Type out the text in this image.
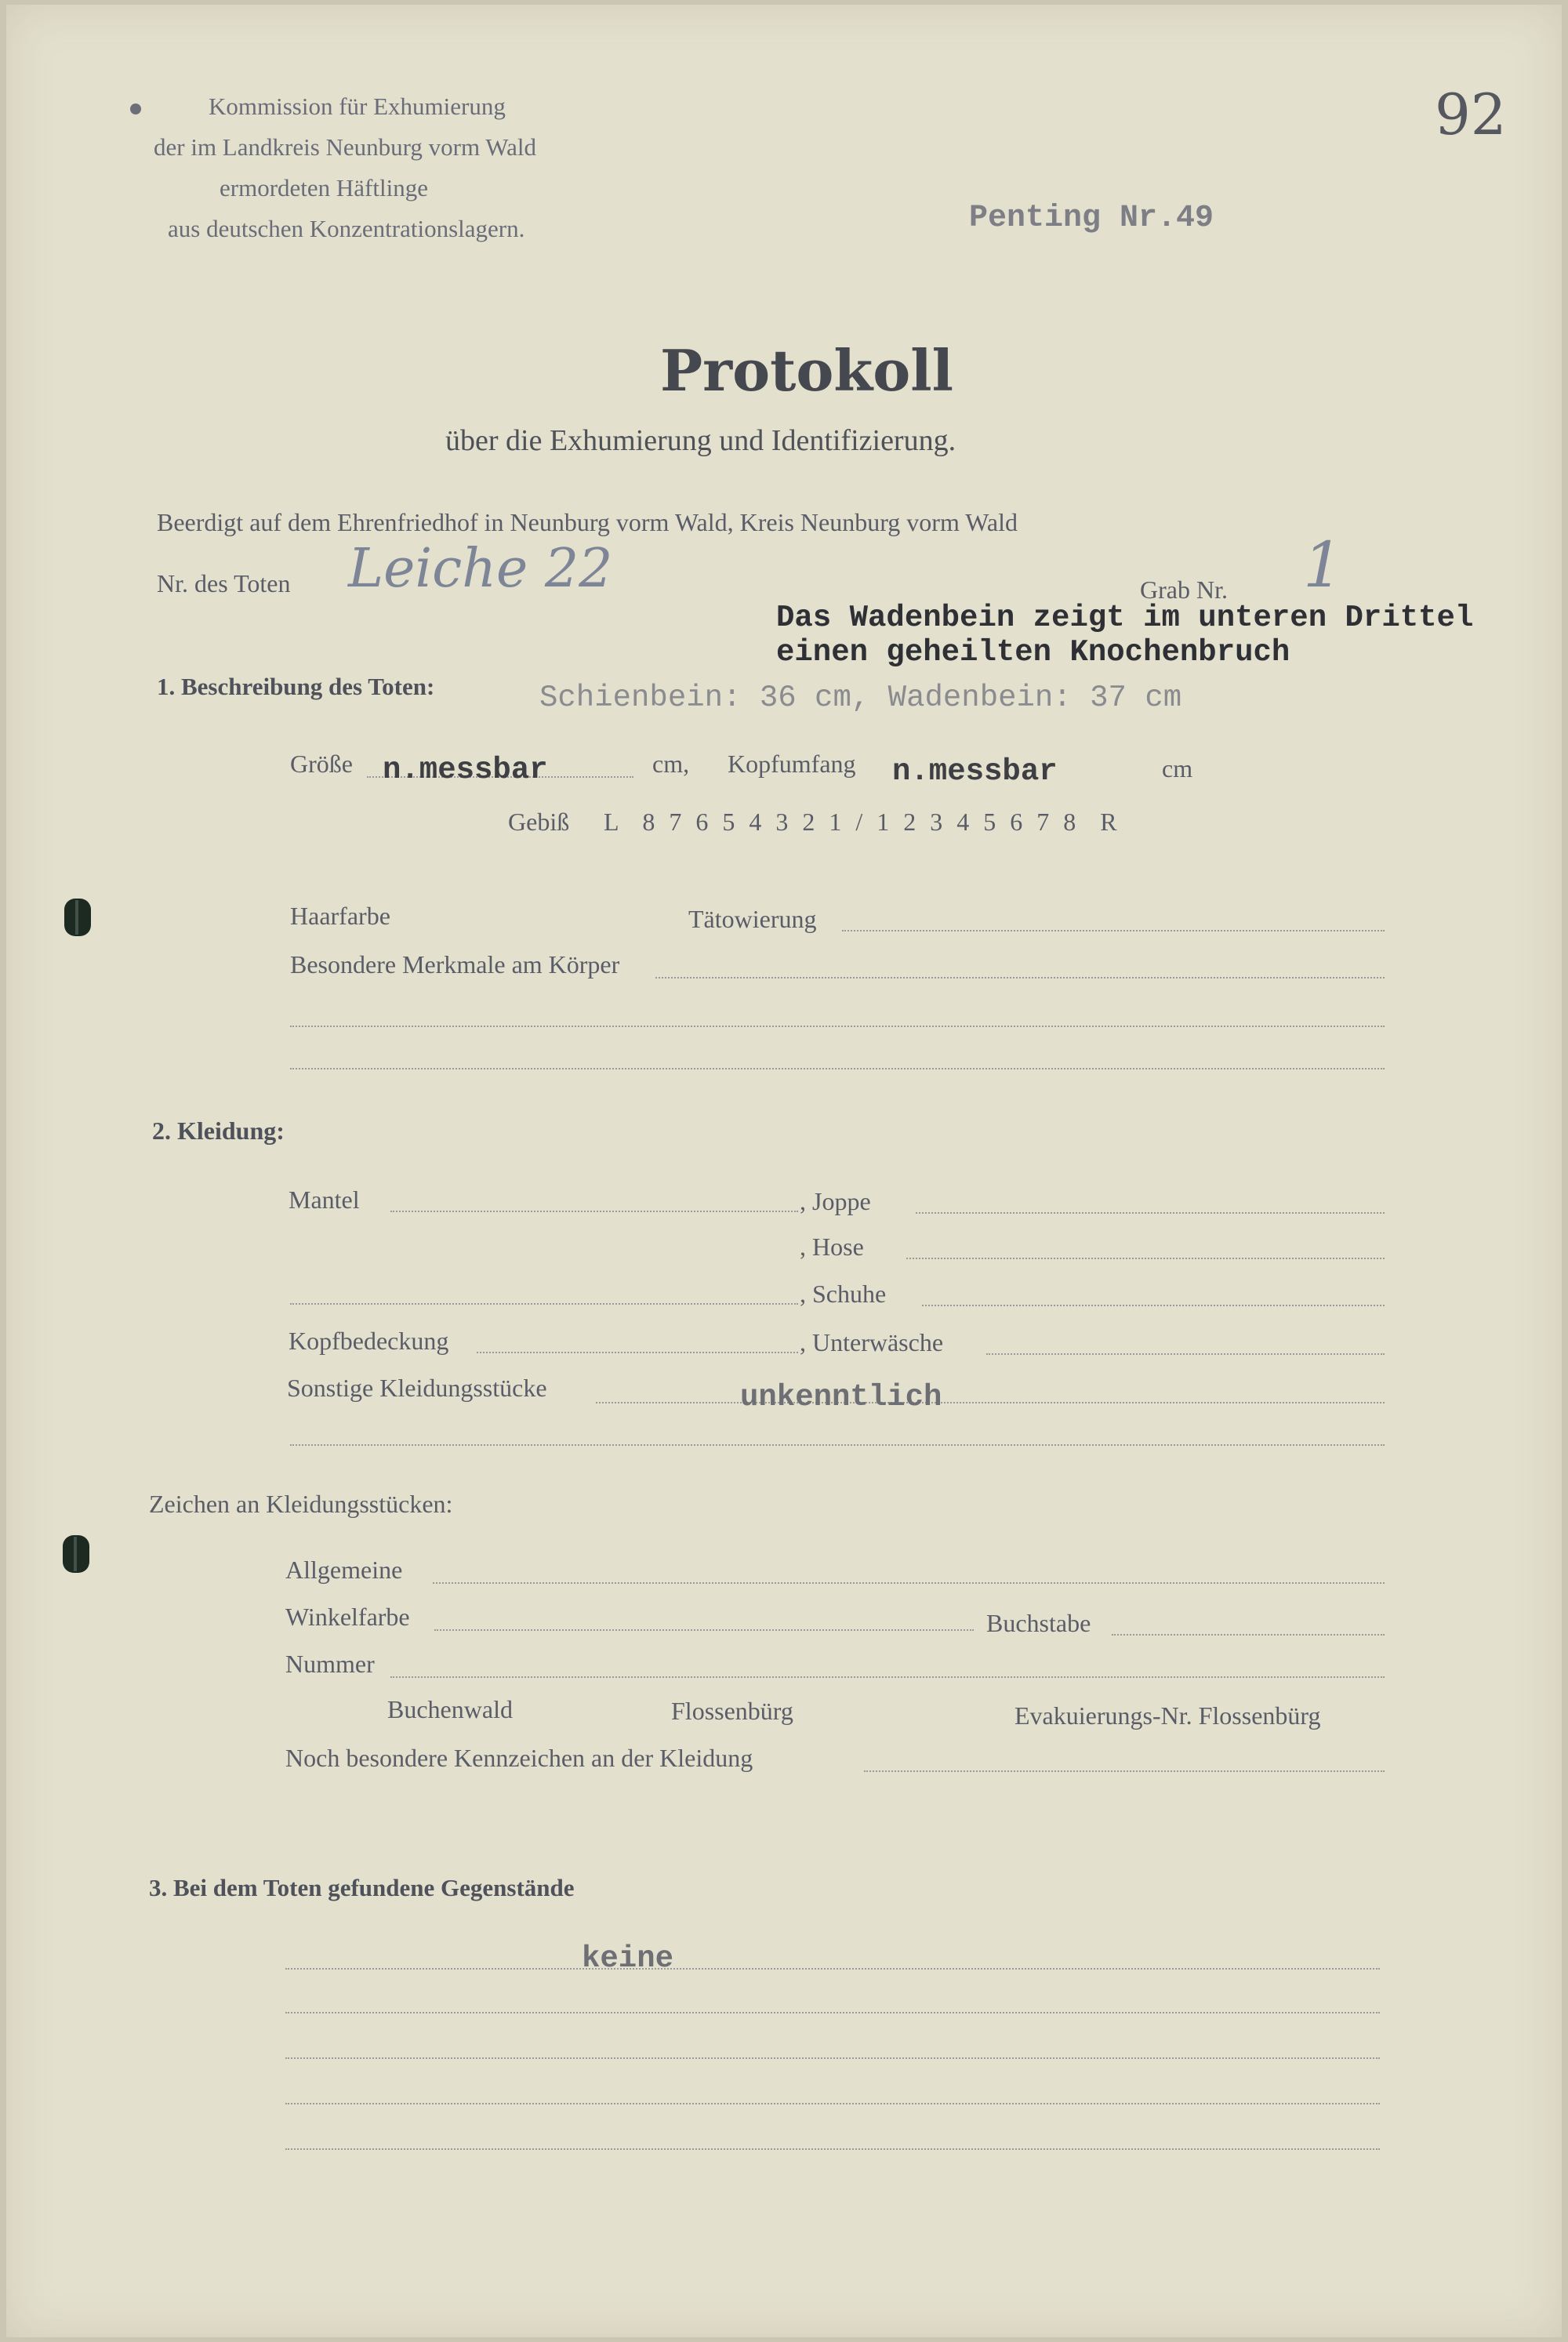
Kommission für Exhumierung
der im Landkreis Neunburg vorm Wald
ermordeten Häftlinge
aus deutschen Konzentrationslagern.
92
Penting Nr.49
Protokoll
über die Exhumierung und Identifizierung.
Beerdigt auf dem Ehrenfriedhof in Neunburg vorm Wald, Kreis Neunburg vorm Wald
Nr. des Toten Leiche 22	Grab Nr. 1
Das Wadenbein zeigt im unteren Drittel
einen geheilten Knochenbruch
1. Beschreibung des Toten:	Schienbein: 36 cm, Wadenbein: 37 cm
Größe n.messbar	cm, Kopfumfang n.messbar	cm
Gebiß L  8 7 6 5 4 3 2 1 / 1 2 3 4 5 6 7 8  R
Haarfarbe	Tätowierung
Besondere Merkmale am Körper
2. Kleidung:
Mantel	, Joppe
, Hose
, Schuhe
Kopfbedeckung	, Unterwäsche
Sonstige Kleidungsstücke	unkenntlich
Zeichen an Kleidungsstücken:
Allgemeine
Winkelfarbe	Buchstabe
Nummer
Buchenwald	Flossenbürg	Evakuierungs-Nr. Flossenbürg
Noch besondere Kennzeichen an der Kleidung
3. Bei dem Toten gefundene Gegenstände
keine
